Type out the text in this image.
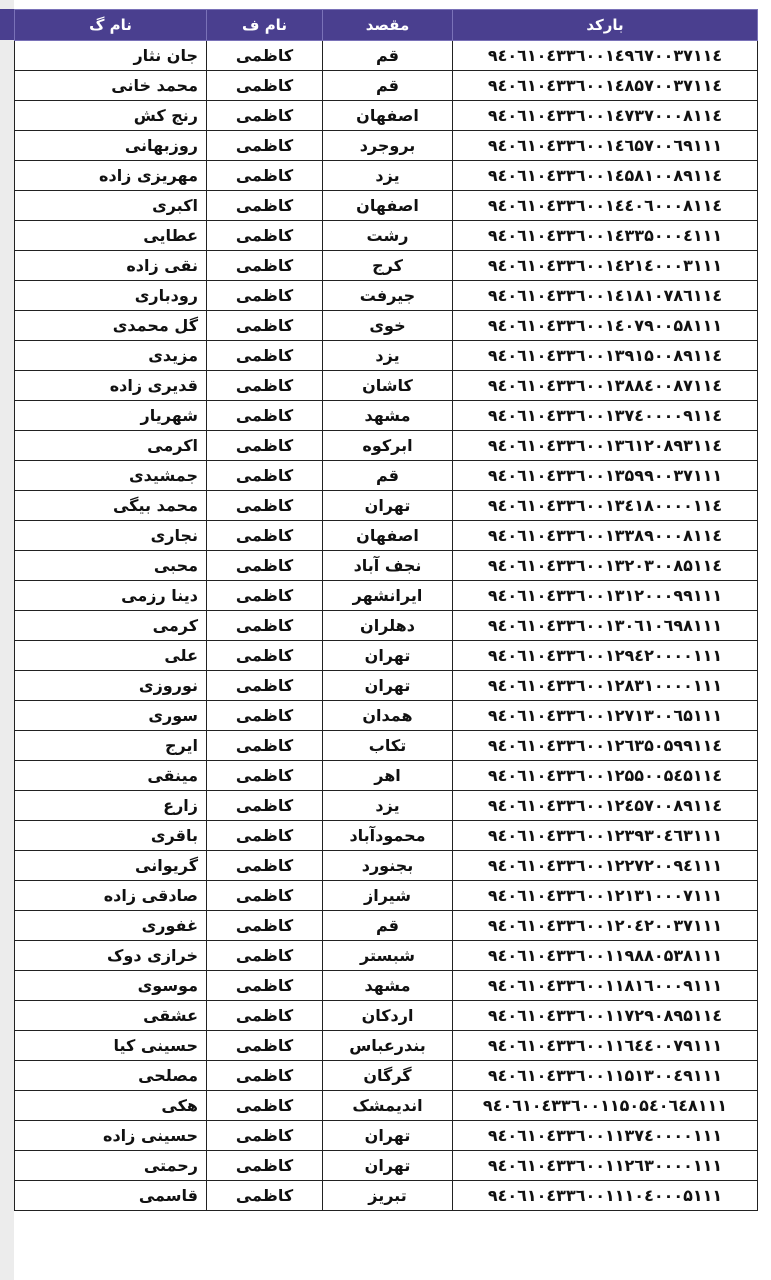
نام گ	نام ف	مقصد	بارکد
جان نثار	کاظمی	قم	۹٤۰٦۱۰٤۳۳٦۰۰۱٤۹٦۷۰۰۳۷۱۱٤
محمد خانی	کاظمی	قم	۹٤۰٦۱۰٤۳۳٦۰۰۱٤۸۵۷۰۰۳۷۱۱٤
رنج کش	کاظمی	اصفهان	۹٤۰٦۱۰٤۳۳٦۰۰۱٤۷۳۷۰۰۰۸۱۱٤
روزبهانی	کاظمی	بروجرد	۹٤۰٦۱۰٤۳۳٦۰۰۱٤٦۵۷۰۰٦۹۱۱۱
مهریزی زاده	کاظمی	یزد	۹٤۰٦۱۰٤۳۳٦۰۰۱٤۵۸۱۰۰۸۹۱۱٤
اکبری	کاظمی	اصفهان	۹٤۰٦۱۰٤۳۳٦۰۰۱٤٤۰٦۰۰۰۸۱۱٤
عطایی	کاظمی	رشت	۹٤۰٦۱۰٤۳۳٦۰۰۱٤۳۳۵۰۰۰٤۱۱۱
نقی زاده	کاظمی	کرج	۹٤۰٦۱۰٤۳۳٦۰۰۱٤۲۱٤۰۰۰۳۱۱۱
رودباری	کاظمی	جیرفت	۹٤۰٦۱۰٤۳۳٦۰۰۱٤۱۸۱۰۷۸٦۱۱٤
گل محمدی	کاظمی	خوی	۹٤۰٦۱۰٤۳۳٦۰۰۱٤۰۷۹۰۰۵۸۱۱۱
مزیدی	کاظمی	یزد	۹٤۰٦۱۰٤۳۳٦۰۰۱۳۹۱۵۰۰۸۹۱۱٤
قدیری زاده	کاظمی	کاشان	۹٤۰٦۱۰٤۳۳٦۰۰۱۳۸۸٤۰۰۸۷۱۱٤
شهریار	کاظمی	مشهد	۹٤۰٦۱۰٤۳۳٦۰۰۱۳۷٤۰۰۰۰۹۱۱٤
اکرمی	کاظمی	ابرکوه	۹٤۰٦۱۰٤۳۳٦۰۰۱۳٦۱۲۰۸۹۳۱۱٤
جمشیدی	کاظمی	قم	۹٤۰٦۱۰٤۳۳٦۰۰۱۳۵۹۹۰۰۳۷۱۱۱
محمد بیگی	کاظمی	تهران	۹٤۰٦۱۰٤۳۳٦۰۰۱۳٤۱۸۰۰۰۰۱۱٤
نجاری	کاظمی	اصفهان	۹٤۰٦۱۰٤۳۳٦۰۰۱۳۳۸۹۰۰۰۸۱۱٤
محبی	کاظمی	نجف آباد	۹٤۰٦۱۰٤۳۳٦۰۰۱۳۲۰۳۰۰۸۵۱۱٤
دینا رزمی	کاظمی	ایرانشهر	۹٤۰٦۱۰٤۳۳٦۰۰۱۳۱۲۰۰۰۹۹۱۱۱
کرمی	کاظمی	دهلران	۹٤۰٦۱۰٤۳۳٦۰۰۱۳۰٦۱۰٦۹۸۱۱۱
علی	کاظمی	تهران	۹٤۰٦۱۰٤۳۳٦۰۰۱۲۹٤۲۰۰۰۰۱۱۱
نوروزی	کاظمی	تهران	۹٤۰٦۱۰٤۳۳٦۰۰۱۲۸۳۱۰۰۰۰۱۱۱
سوری	کاظمی	همدان	۹٤۰٦۱۰٤۳۳٦۰۰۱۲۷۱۳۰۰٦۵۱۱۱
ایرج	کاظمی	تکاب	۹٤۰٦۱۰٤۳۳٦۰۰۱۲٦۳۵۰۵۹۹۱۱٤
مینقی	کاظمی	اهر	۹٤۰٦۱۰٤۳۳٦۰۰۱۲۵۵۰۰۵٤۵۱۱٤
زارع	کاظمی	یزد	۹٤۰٦۱۰٤۳۳٦۰۰۱۲٤۵۷۰۰۸۹۱۱٤
باقری	کاظمی	محمودآباد	۹٤۰٦۱۰٤۳۳٦۰۰۱۲۳۹۳۰٤٦۳۱۱۱
گریوانی	کاظمی	بجنورد	۹٤۰٦۱۰٤۳۳٦۰۰۱۲۲۷۲۰۰۹٤۱۱۱
صادقی زاده	کاظمی	شیراز	۹٤۰٦۱۰٤۳۳٦۰۰۱۲۱۳۱۰۰۰۷۱۱۱
غفوری	کاظمی	قم	۹٤۰٦۱۰٤۳۳٦۰۰۱۲۰٤۲۰۰۳۷۱۱۱
خرازی دوک	کاظمی	شبستر	۹٤۰٦۱۰٤۳۳٦۰۰۱۱۹۸۸۰۵۳۸۱۱۱
موسوی	کاظمی	مشهد	۹٤۰٦۱۰٤۳۳٦۰۰۱۱۸۱٦۰۰۰۹۱۱۱
عشقی	کاظمی	اردکان	۹٤۰٦۱۰٤۳۳٦۰۰۱۱۷۲۹۰۸۹۵۱۱٤
حسینی کیا	کاظمی	بندرعباس	۹٤۰٦۱۰٤۳۳٦۰۰۱۱٦٤٤۰۰۷۹۱۱۱
مصلحی	کاظمی	گرگان	۹٤۰٦۱۰٤۳۳٦۰۰۱۱۵۱۳۰۰٤۹۱۱۱
هکی	کاظمی	اندیمشک	۹٤۰٦۱۰٤۳۳٦۰۰۱۱۵۰۵٤۰٦٤۸۱۱۱
حسینی زاده	کاظمی	تهران	۹٤۰٦۱۰٤۳۳٦۰۰۱۱۳۷٤۰۰۰۰۱۱۱
رحمتی	کاظمی	تهران	۹٤۰٦۱۰٤۳۳٦۰۰۱۱۲٦۳۰۰۰۰۱۱۱
قاسمی	کاظمی	تبریز	۹٤۰٦۱۰٤۳۳٦۰۰۱۱۱۰٤۰۰۰۵۱۱۱
